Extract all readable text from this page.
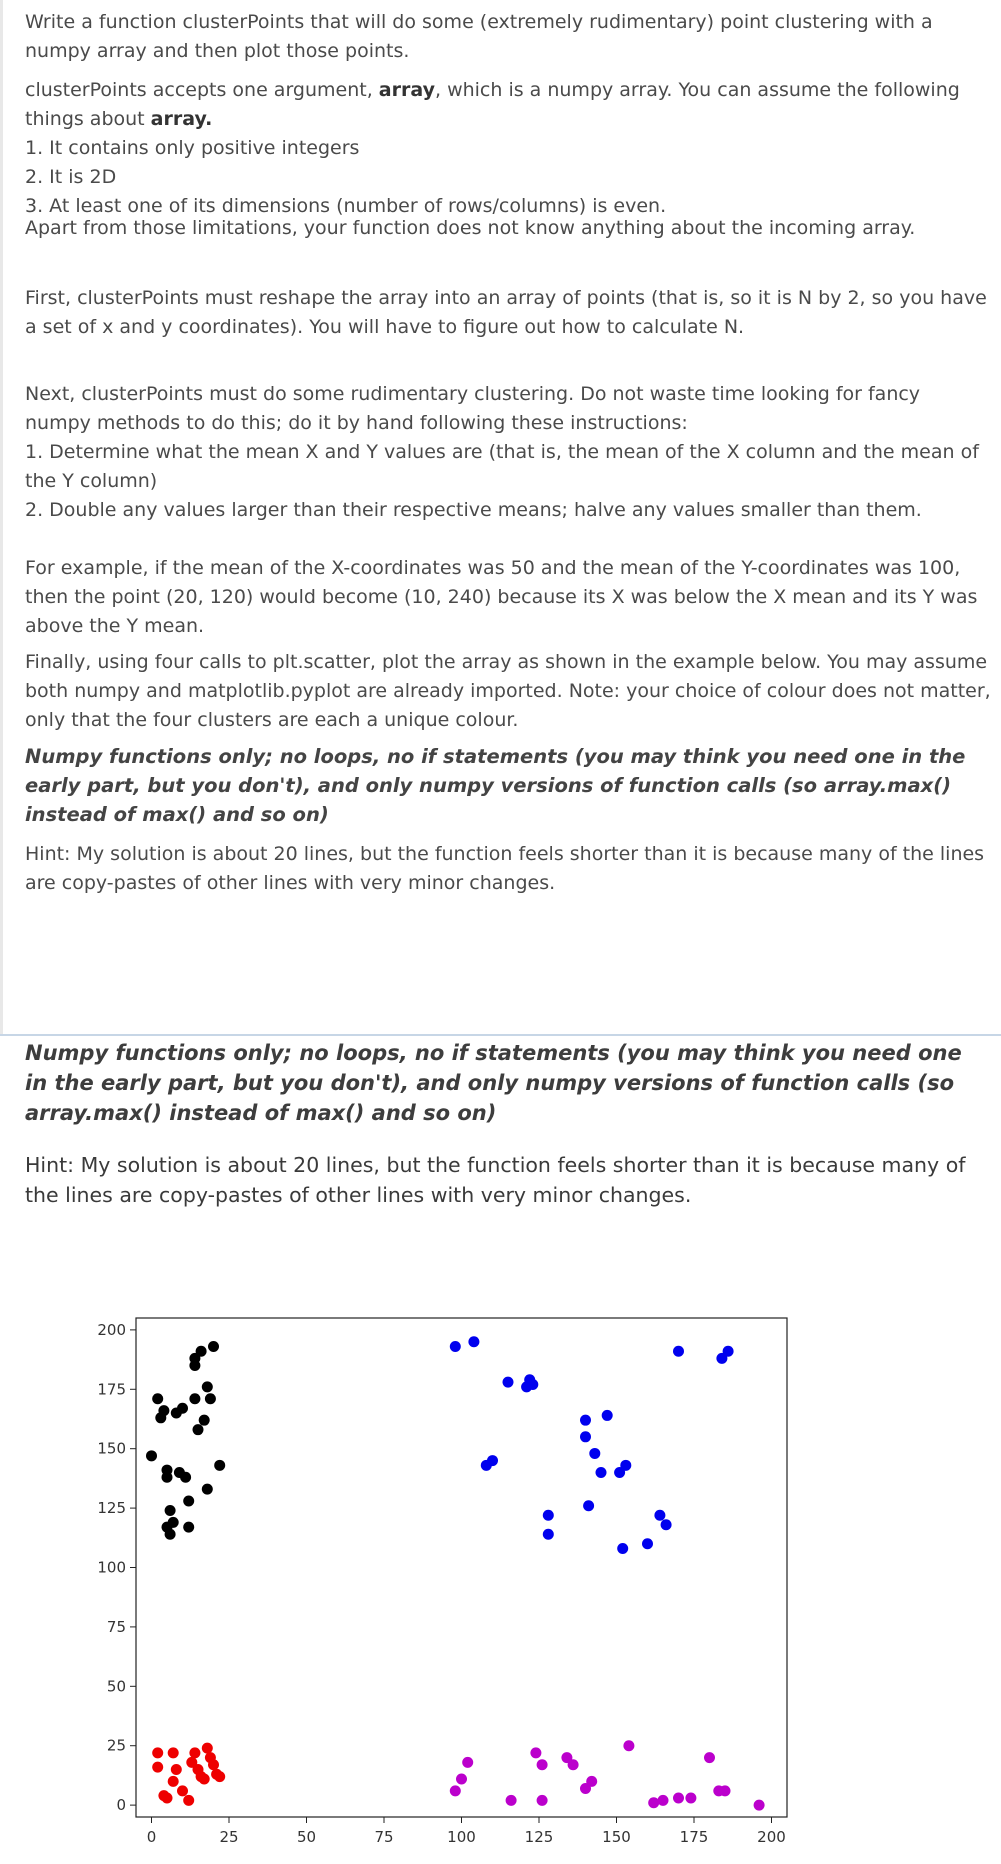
Write a function clusterPoints that will do some (extremely rudimentary) point clustering with a numpy array and then plot those points.

clusterPoints accepts one argument, array, which is a numpy array. You can assume the following things about array.

1. It contains only positive integers
2. It is 2D
3. At least one of its dimensions (number of rows/columns) is even.

Apart from those limitations, your function does not know anything about the incoming array.

First, clusterPoints must reshape the array into an array of points (that is, so it is N by 2, so you have a set of x and y coordinates). You will have to figure out how to calculate N.

Next, clusterPoints must do some rudimentary clustering. Do not waste time looking for fancy numpy methods to do this; do it by hand following these instructions:

1. Determine what the mean X and Y values are (that is, the mean of the X column and the mean of the Y column)
2. Double any values larger than their respective means; halve any values smaller than them.

For example, if the mean of the X-coordinates was 50 and the mean of the Y-coordinates was 100, then the point (20, 120) would become (10, 240) because its X was below the X mean and its Y was above the Y mean.

Finally, using four calls to plt.scatter, plot the array as shown in the example below. You may assume both numpy and matplotlib.pyplot are already imported. Note: your choice of colour does not matter, only that the four clusters are each a unique colour.

Numpy functions only; no loops, no if statements (you may think you need one in the early part, but you don't), and only numpy versions of function calls (so array.max() instead of max() and so on)

Hint: My solution is about 20 lines, but the function feels shorter than it is because many of the lines are copy-pastes of other lines with very minor changes.

Numpy functions only; no loops, no if statements (you may think you need one in the early part, but you don't), and only numpy versions of function calls (so array.max() instead of max() and so on)

Hint: My solution is about 20 lines, but the function feels shorter than it is because many of the lines are copy-pastes of other lines with very minor changes.

0	25	50	75	100	125	150	175	200
0
25
50
75
100
125
150
175
200
